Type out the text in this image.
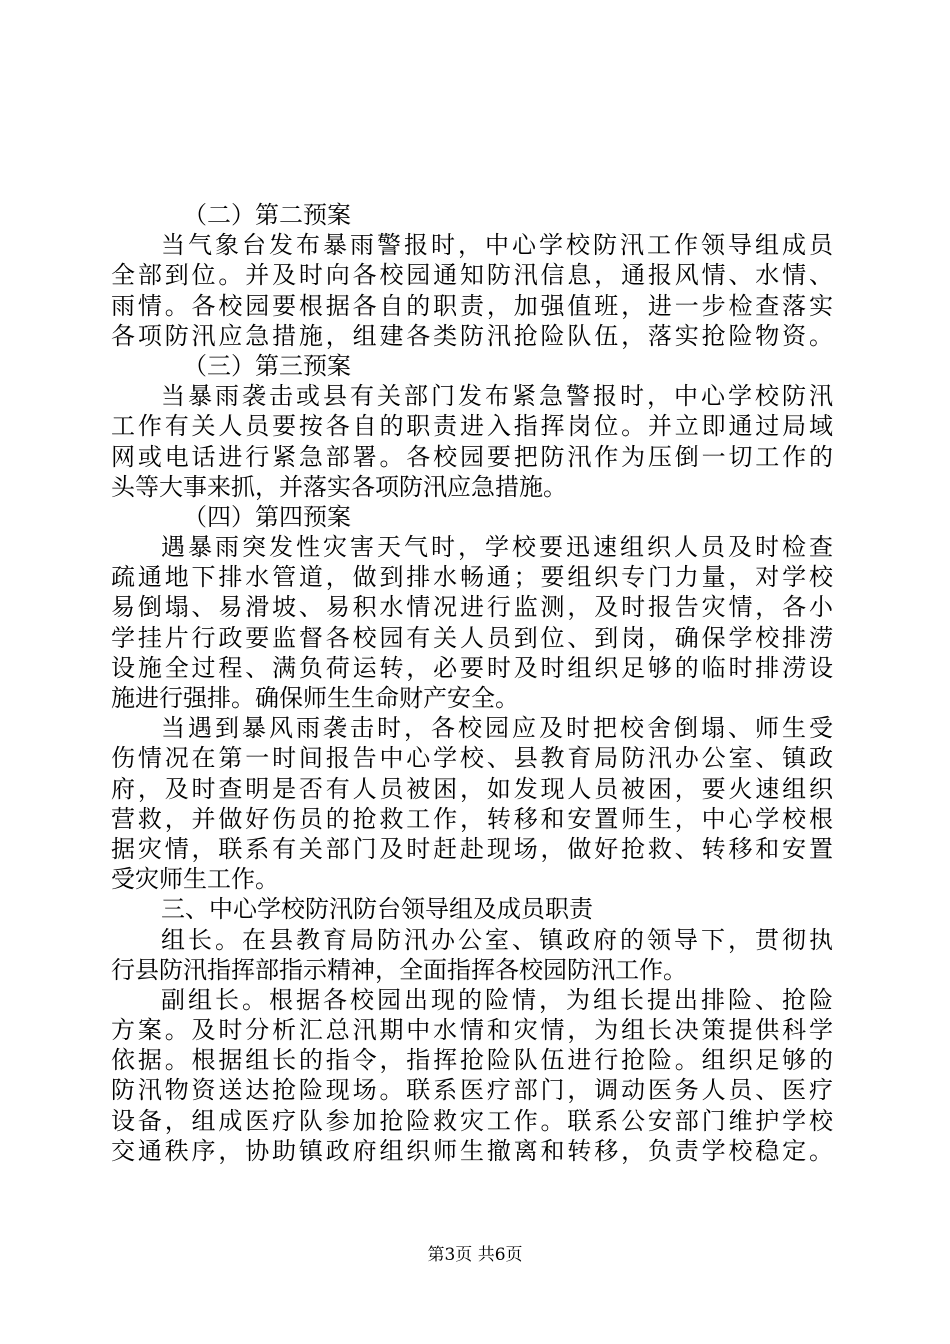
（二）第二预案
当气象台发布暴雨警报时，中心学校防汛工作领导组成员
全部到位。并及时向各校园通知防汛信息，通报风情、水情、
雨情。各校园要根据各自的职责，加强值班，进一步检查落实
各项防汛应急措施，组建各类防汛抢险队伍，落实抢险物资。
（三）第三预案
当暴雨袭击或县有关部门发布紧急警报时，中心学校防汛
工作有关人员要按各自的职责进入指挥岗位。并立即通过局域
网或电话进行紧急部署。各校园要把防汛作为压倒一切工作的
头等大事来抓，并落实各项防汛应急措施。
（四）第四预案
遇暴雨突发性灾害天气时，学校要迅速组织人员及时检查
疏通地下排水管道，做到排水畅通；要组织专门力量，对学校
易倒塌、易滑坡、易积水情况进行监测，及时报告灾情，各小
学挂片行政要监督各校园有关人员到位、到岗，确保学校排涝
设施全过程、满负荷运转，必要时及时组织足够的临时排涝设
施进行强排。确保师生生命财产安全。
当遇到暴风雨袭击时，各校园应及时把校舍倒塌、师生受
伤情况在第一时间报告中心学校、县教育局防汛办公室、镇政
府，及时查明是否有人员被困，如发现人员被困，要火速组织
营救，并做好伤员的抢救工作，转移和安置师生，中心学校根
据灾情，联系有关部门及时赶赴现场，做好抢救、转移和安置
受灾师生工作。
三、中心学校防汛防台领导组及成员职责
组长。在县教育局防汛办公室、镇政府的领导下，贯彻执
行县防汛指挥部指示精神，全面指挥各校园防汛工作。
副组长。根据各校园出现的险情，为组长提出排险、抢险
方案。及时分析汇总汛期中水情和灾情，为组长决策提供科学
依据。根据组长的指令，指挥抢险队伍进行抢险。组织足够的
防汛物资送达抢险现场。联系医疗部门，调动医务人员、医疗
设备，组成医疗队参加抢险救灾工作。联系公安部门维护学校
交通秩序，协助镇政府组织师生撤离和转移，负责学校稳定。
第3页 共6页
